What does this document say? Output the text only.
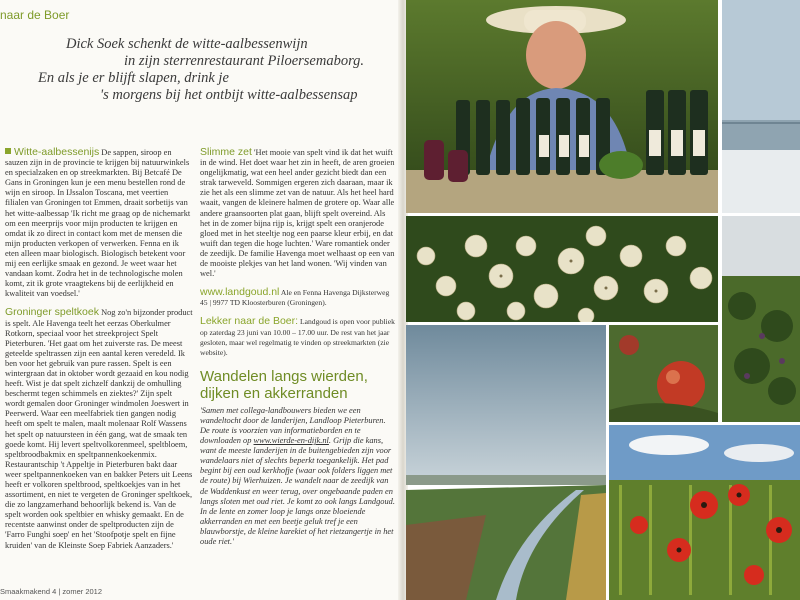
naar de Boer
Dick Soek schenkt de witte-aalbessenwijn
in zijn sterrenrestaurant Piloersemaborg.
En als je er blijft slapen, drink je
's morgens bij het ontbijt witte-aalbessensap

Witte-aalbessenijs De sappen, siroop en sauzen zijn in de provincie te krijgen bij natuurwinkels en specialzaken en op streekmarkten. Bij Betcafé De Gans in Groningen kun je een menu bestellen rond de wijn en siroop. In IJssalon Toscana, met veertien filialen van Groningen tot Emmen, draait sorbetijs van het witte-aalbessap 'Ik richt me graag op de nichemarkt om een meerprijs voor mijn producten te krijgen en omdat ik zo direct in contact kom met de mensen die mijn producten verkopen of verwerken. Fenna en ik eten alleen maar biologisch. Biologisch betekent voor mij een eerlijke smaak en gezond. Je weet waar het vandaan komt. Zodra het in de technologische molen komt, zit ik grote vraagtekens bij de eerlijkheid en kwaliteit van voedsel.'

Groninger speltkoek Nog zo'n bijzonder product is spelt. Ale Havenga teelt het eerzas Oberkulmer Rotkorn, speciaal voor het streekproject Spelt Pieterburen. 'Het gaat om het zuiverste ras. De meest geteelde speltrassen zijn een aantal keren veredeld. Ik ben voor het gebruik van pure rassen. Spelt is een wintergraan dat in oktober wordt gezaaid en kou nodig heeft. Wist je dat spelt zichzelf dankzij de omhulling beschermt tegen schimmels en ziektes?' Zijn spelt wordt gemalen door Groninger windmolen Joeswert in Peerwerd. Waar een meelfabriek tien gangen nodig heeft om spelt te malen, maalt molenaar Rolf Wassens het spelt op natuursteen in één gang, wat de smaak ten goede komt. Hij levert speltvolkorenmeel, speltbloem, speltbroodbakmix en speltpannenkoekenmix. Restaurantschip 't Appeltje in Pieterburen bakt daar weer speltpannenkoeken van en bakker Peters uit Leens heeft er volkoren speltbrood, speltkoekjes van in het assortiment, en niet te vergeten de Groninger speltkoek, die zo langzamerhand behoorlijk bekend is. Van de spelt worden ook speltbier en whisky gemaakt. En de recentste aanwinst onder de speltproducten zijn de 'Farro Funghi soep' en het 'Stoofpotje spelt en fijne kruiden' van de Kleinste Soep Fabriek Aanzaders.'

Slimme zet 'Het mooie van spelt vind ik dat het wuift in de wind. Het doet waar het zin in heeft, de aren groeien ongelijkmatig, wat een heel ander gezicht biedt dan een strak tarweveld. Sommigen ergeren zich daaraan, maar ik zie het als een slimme zet van de natuur. Als het heel hard waait, vangen de kleinere halmen de grotere op. Waar alle andere graansoorten plat gaan, blijft spelt overeind. Als het in de zomer bijna rijp is, krijgt spelt een oranjerode gloed met in het steeltje nog een paarse kleur erbij, en dat wuift dan tegen die hoge luchten.' Ware romantiek onder de zeedijk. De familie Havenga moet welhaast op een van de mooiste plekjes van het land wonen. 'Wij vinden van wel.'

www.landgoud.nl Ale en Fenna Havenga Dijksterweg 45 | 9977 TD Kloosterburen (Groningen).

Lekker naar de Boer: Landgoud is open voor publiek op zaterdag 23 juni van 10.00 – 17.00 uur. De rest van het jaar gesloten, maar wel regelmatig te vinden op streekmarkten (zie website).

Wandelen langs wierden, dijken en akkerranden

'Samen met collega-landbouwers bieden we een wandeltocht door de landerijen, Landloop Pieterburen. De route is voorzien van informatieborden en te downloaden op www.wierde-en-dijk.nl. Grijp die kans, want de meeste landerijen in de buitengebieden zijn voor wandelaars niet of slechts beperkt toegankelijk. Het pad begint bij een oud kerkhofje (waar ook folders liggen met de route) bij Wierhuizen. Je wandelt naar de zeedijk van de Waddenkust en weer terug, over ongebaande paden en langs sloten met oud riet. Je komt zo ook langs Landgoud. In de lente en zomer loop je langs onze bloeiende akkerranden en met een beetje geluk tref je een blauwborstje, de kleine karekiet of het rietzangertje in het oude riet.'

Smaakmakend 4 | zomer 2012
